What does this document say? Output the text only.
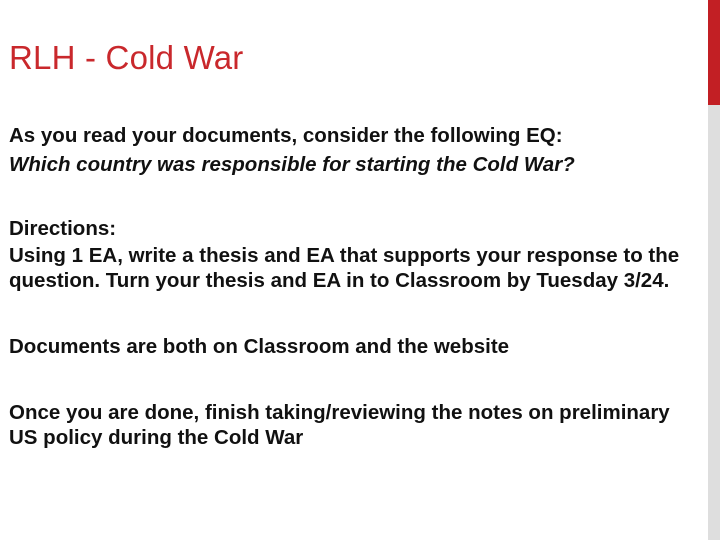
RLH - Cold War

As you read your documents, consider the following EQ:

Which country was responsible for starting the Cold War?

Directions:

Using 1 EA, write a thesis and EA that supports your response to the question. Turn your thesis and EA in to Classroom by Tuesday 3/24.

Documents are both on Classroom and the website

Once you are done, finish taking/reviewing the notes on preliminary US policy during the Cold War
